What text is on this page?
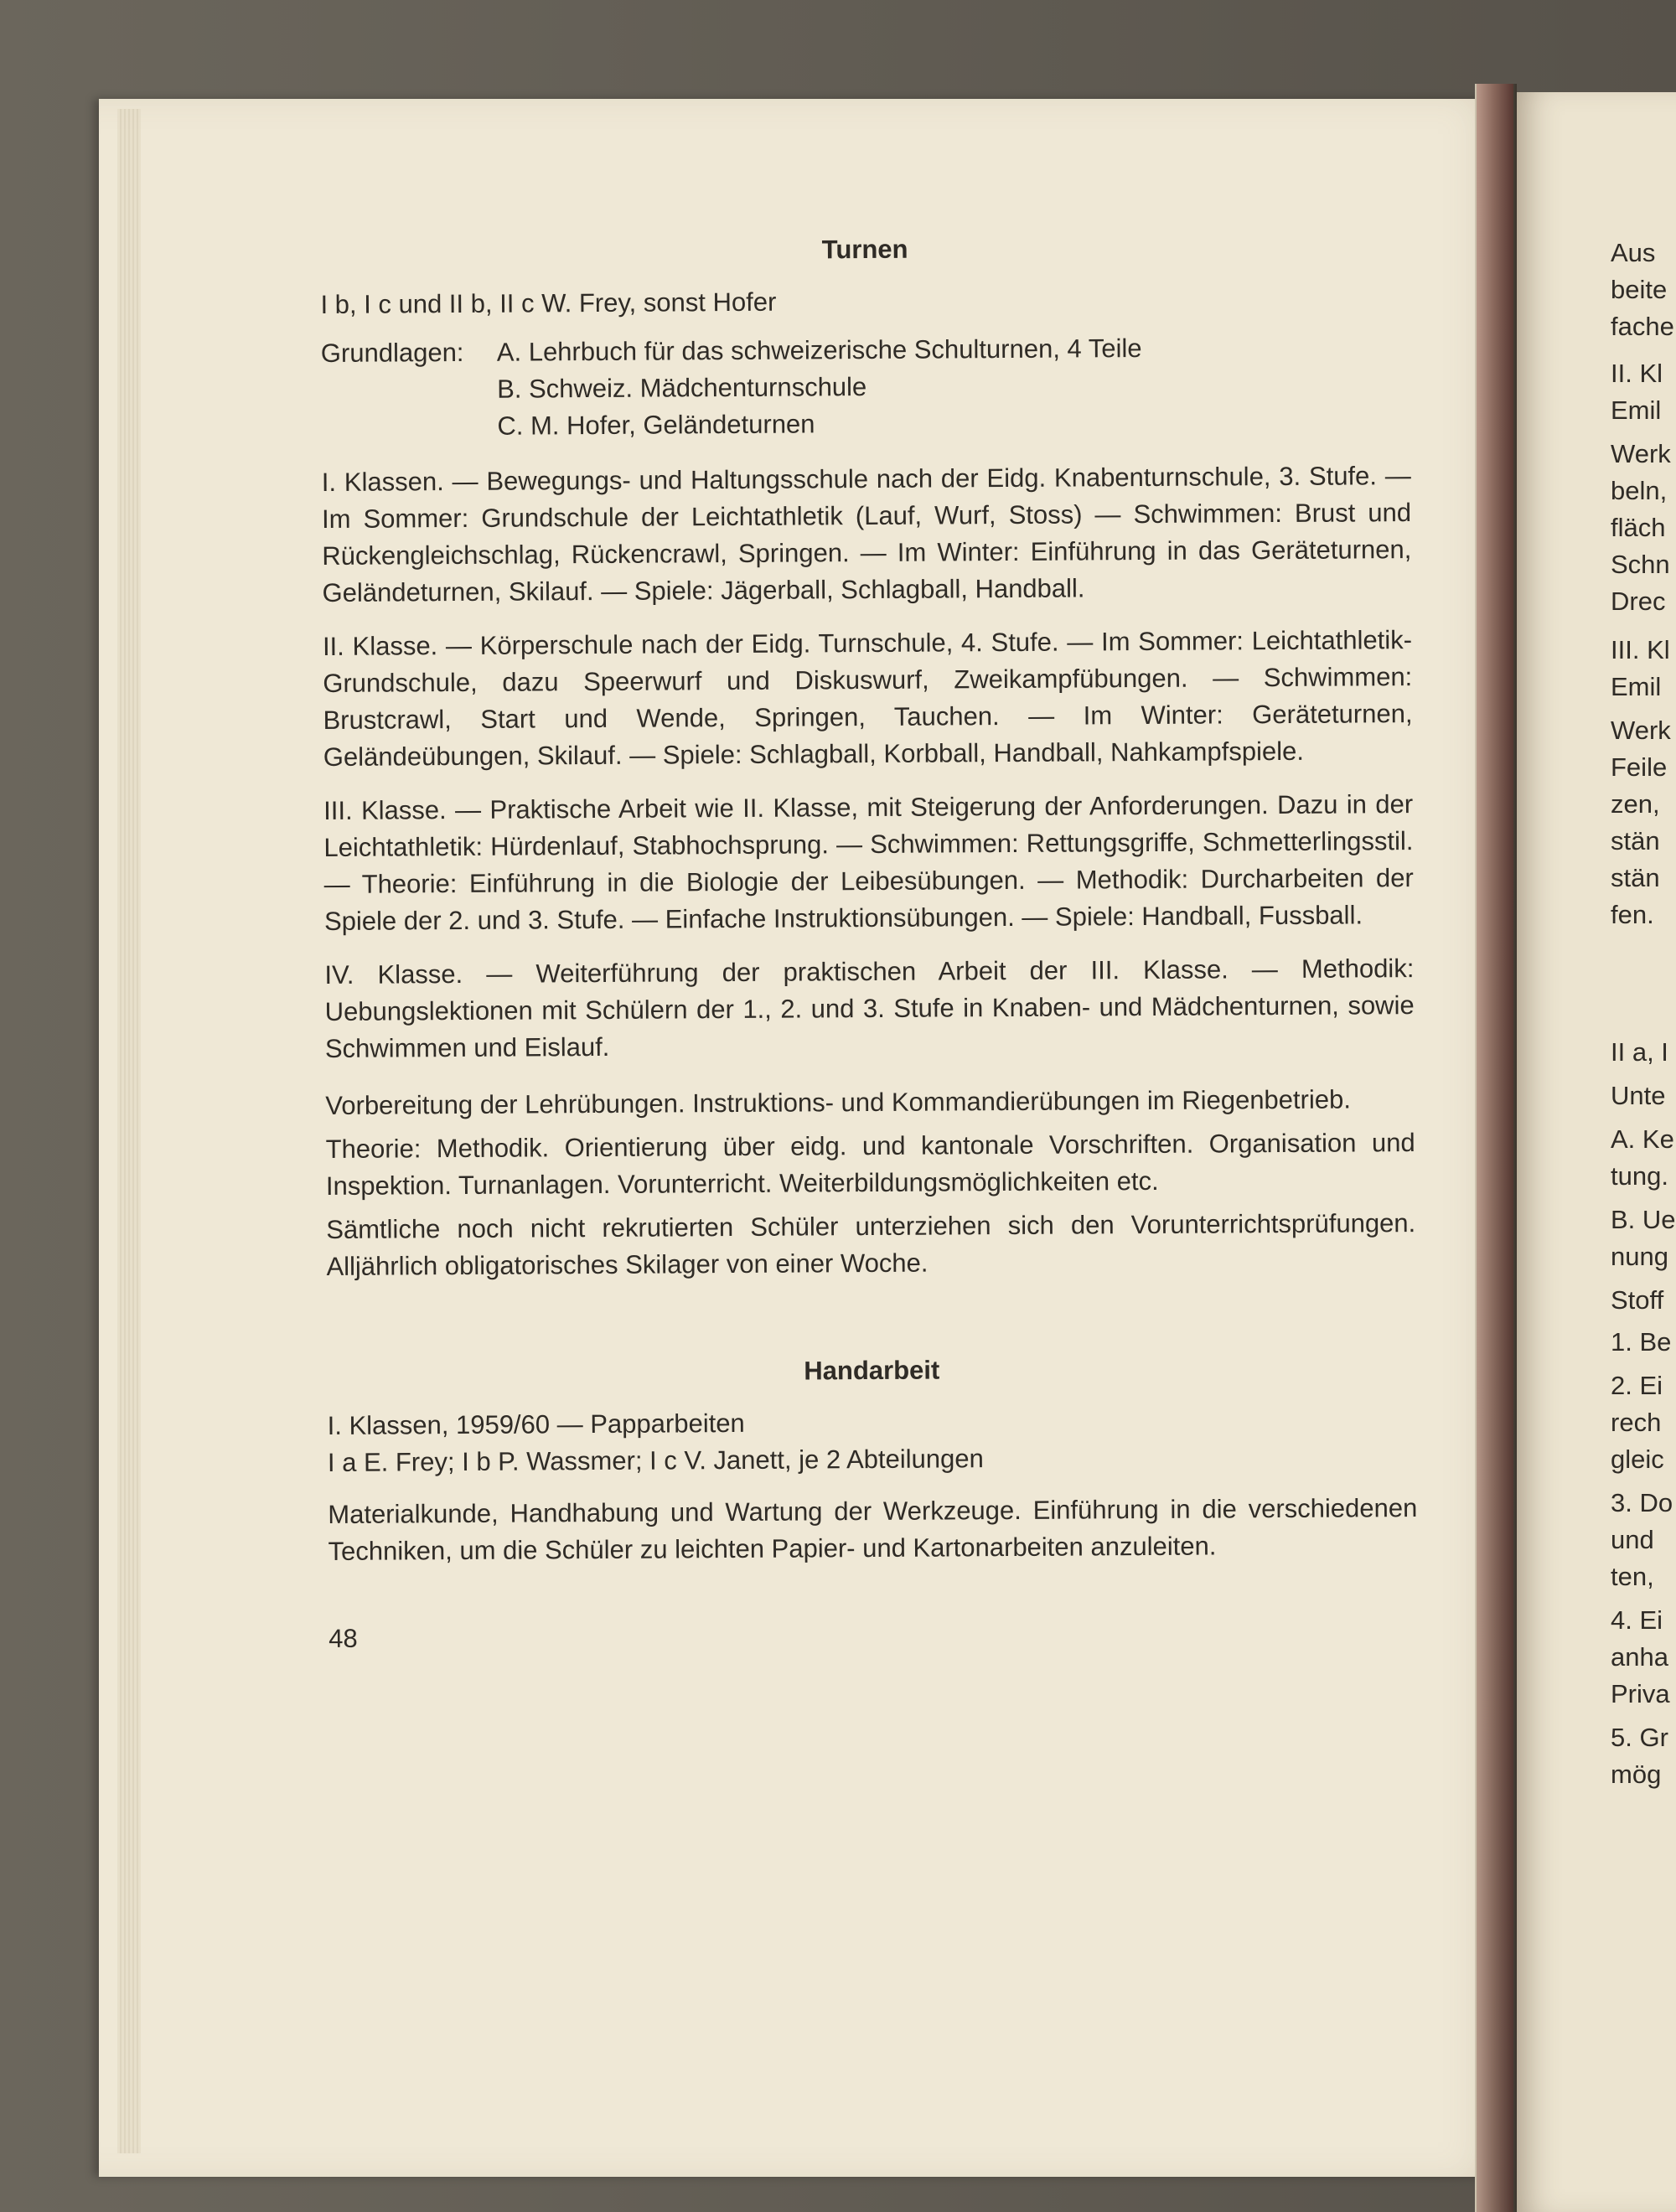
Turnen

I b, I c und II b, II c W. Frey, sonst Hofer

Grundlagen:	A. Lehrbuch für das schweizerische Schulturnen, 4 Teile
B. Schweiz. Mädchenturnschule
C. M. Hofer, Geländeturnen

I. Klassen. — Bewegungs- und Haltungsschule nach der Eidg. Knabenturnschule, 3. Stufe. — Im Sommer: Grundschule der Leichtathletik (Lauf, Wurf, Stoss) — Schwimmen: Brust und Rückengleichschlag, Rückencrawl, Springen. — Im Winter: Einführung in das Geräteturnen, Geländeturnen, Skilauf. — Spiele: Jägerball, Schlagball, Handball.

II. Klasse. — Körperschule nach der Eidg. Turnschule, 4. Stufe. — Im Sommer: Leichtathletik-Grundschule, dazu Speerwurf und Diskuswurf, Zweikampfübungen. — Schwimmen: Brustcrawl, Start und Wende, Springen, Tauchen. — Im Winter: Geräteturnen, Geländeübungen, Skilauf. — Spiele: Schlagball, Korbball, Handball, Nahkampfspiele.

III. Klasse. — Praktische Arbeit wie II. Klasse, mit Steigerung der Anforderungen. Dazu in der Leichtathletik: Hürdenlauf, Stabhochsprung. — Schwimmen: Rettungsgriffe, Schmetterlingsstil. — Theorie: Einführung in die Biologie der Leibesübungen. — Methodik: Durcharbeiten der Spiele der 2. und 3. Stufe. — Einfache Instruktionsübungen. — Spiele: Handball, Fussball.

IV. Klasse. — Weiterführung der praktischen Arbeit der III. Klasse. — Methodik: Uebungslektionen mit Schülern der 1., 2. und 3. Stufe in Knaben- und Mädchenturnen, sowie Schwimmen und Eislauf.

Vorbereitung der Lehrübungen. Instruktions- und Kommandierübungen im Riegenbetrieb.

Theorie: Methodik. Orientierung über eidg. und kantonale Vorschriften. Organisation und Inspektion. Turnanlagen. Vorunterricht. Weiterbildungsmöglichkeiten etc.

Sämtliche noch nicht rekrutierten Schüler unterziehen sich den Vorunterrichtsprüfungen. Alljährlich obligatorisches Skilager von einer Woche.

Handarbeit

I. Klassen, 1959/60 — Papparbeiten

I a E. Frey; I b P. Wassmer; I c V. Janett, je 2 Abteilungen

Materialkunde, Handhabung und Wartung der Werkzeuge. Einführung in die verschiedenen Techniken, um die Schüler zu leichten Papier- und Kartonarbeiten anzuleiten.

48

Aus

beite

fache

II. Kl

Emil

Werk

beln,

fläch

Schn

Drec

III. Kl

Emil

Werk

Feile

zen,

stän

stän

fen.

II a, I

Unte

A. Ke

tung.

B. Ue

nung

Stoff

1. Be

2. Ei

rech

gleic

3. Do

und

ten,

4. Ei

anha

Priva

5. Gr

mög
